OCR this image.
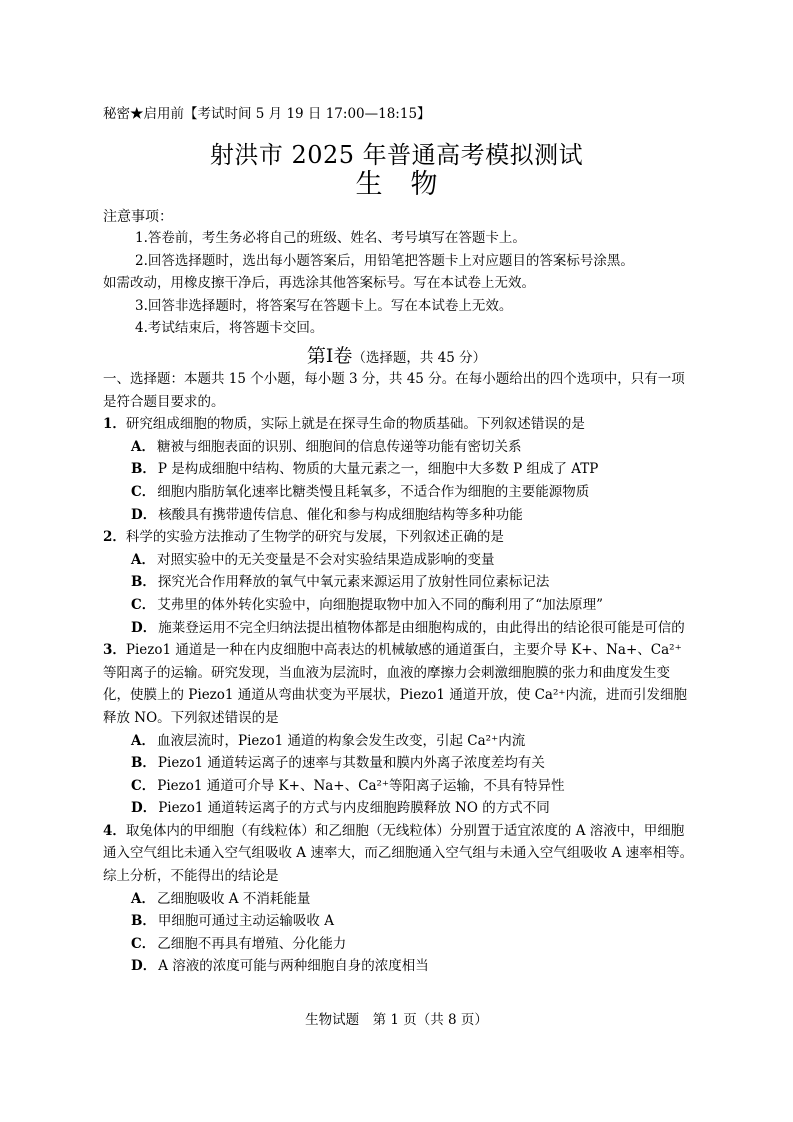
秘密★启用前【考试时间 5 月 19 日 17:00—18:15】
射洪市 2025 年普通高考模拟测试
生物
注意事项：

1.答卷前，考生务必将自己的班级、姓名、考号填写在答题卡上。

2.回答选择题时，选出每小题答案后，用铅笔把答题卡上对应题目的答案标号涂黑。

如需改动，用橡皮擦干净后，再选涂其他答案标号。写在本试卷上无效。

3.回答非选择题时，将答案写在答题卡上。写在本试卷上无效。

4.考试结束后，将答题卡交回。

第Ⅰ卷（选择题，共 45 分）

一、选择题：本题共 15 个小题，每小题 3 分，共 45 分。在每小题给出的四个选项中，只有一项是符合题目要求的。

1．研究组成细胞的物质，实际上就是在探寻生命的物质基础。下列叙述错误的是

A． 糖被与细胞表面的识别、细胞间的信息传递等功能有密切关系

B． P 是构成细胞中结构、物质的大量元素之一，细胞中大多数 P 组成了 ATP

C． 细胞内脂肪氧化速率比糖类慢且耗氧多，不适合作为细胞的主要能源物质

D． 核酸具有携带遗传信息、催化和参与构成细胞结构等多种功能

2．科学的实验方法推动了生物学的研究与发展，下列叙述正确的是

A． 对照实验中的无关变量是不会对实验结果造成影响的变量

B． 探究光合作用释放的氧气中氧元素来源运用了放射性同位素标记法

C． 艾弗里的体外转化实验中，向细胞提取物中加入不同的酶利用了“加法原理”

D． 施莱登运用不完全归纳法提出植物体都是由细胞构成的，由此得出的结论很可能是可信的

3．Piezo1 通道是一种在内皮细胞中高表达的机械敏感的通道蛋白，主要介导 K+、Na+、Ca²⁺等阳离子的运输。研究发现，当血液为层流时，血液的摩擦力会刺激细胞膜的张力和曲度发生变化，使膜上的 Piezo1 通道从弯曲状变为平展状，Piezo1 通道开放，使 Ca²⁺内流，进而引发细胞释放 NO。下列叙述错误的是

A． 血液层流时，Piezo1 通道的构象会发生改变，引起 Ca²⁺内流

B． Piezo1 通道转运离子的速率与其数量和膜内外离子浓度差均有关

C． Piezo1 通道可介导 K+、Na+、Ca²⁺等阳离子运输，不具有特异性

D． Piezo1 通道转运离子的方式与内皮细胞跨膜释放 NO 的方式不同

4．取兔体内的甲细胞（有线粒体）和乙细胞（无线粒体）分别置于适宜浓度的 A 溶液中，甲细胞通入空气组比未通入空气组吸收 A 速率大，而乙细胞通入空气组与未通入空气组吸收 A 速率相等。综上分析，不能得出的结论是

A． 乙细胞吸收 A 不消耗能量

B． 甲细胞可通过主动运输吸收 A

C． 乙细胞不再具有增殖、分化能力

D． A 溶液的浓度可能与两种细胞自身的浓度相当

生物试题　第 1 页（共 8 页）
